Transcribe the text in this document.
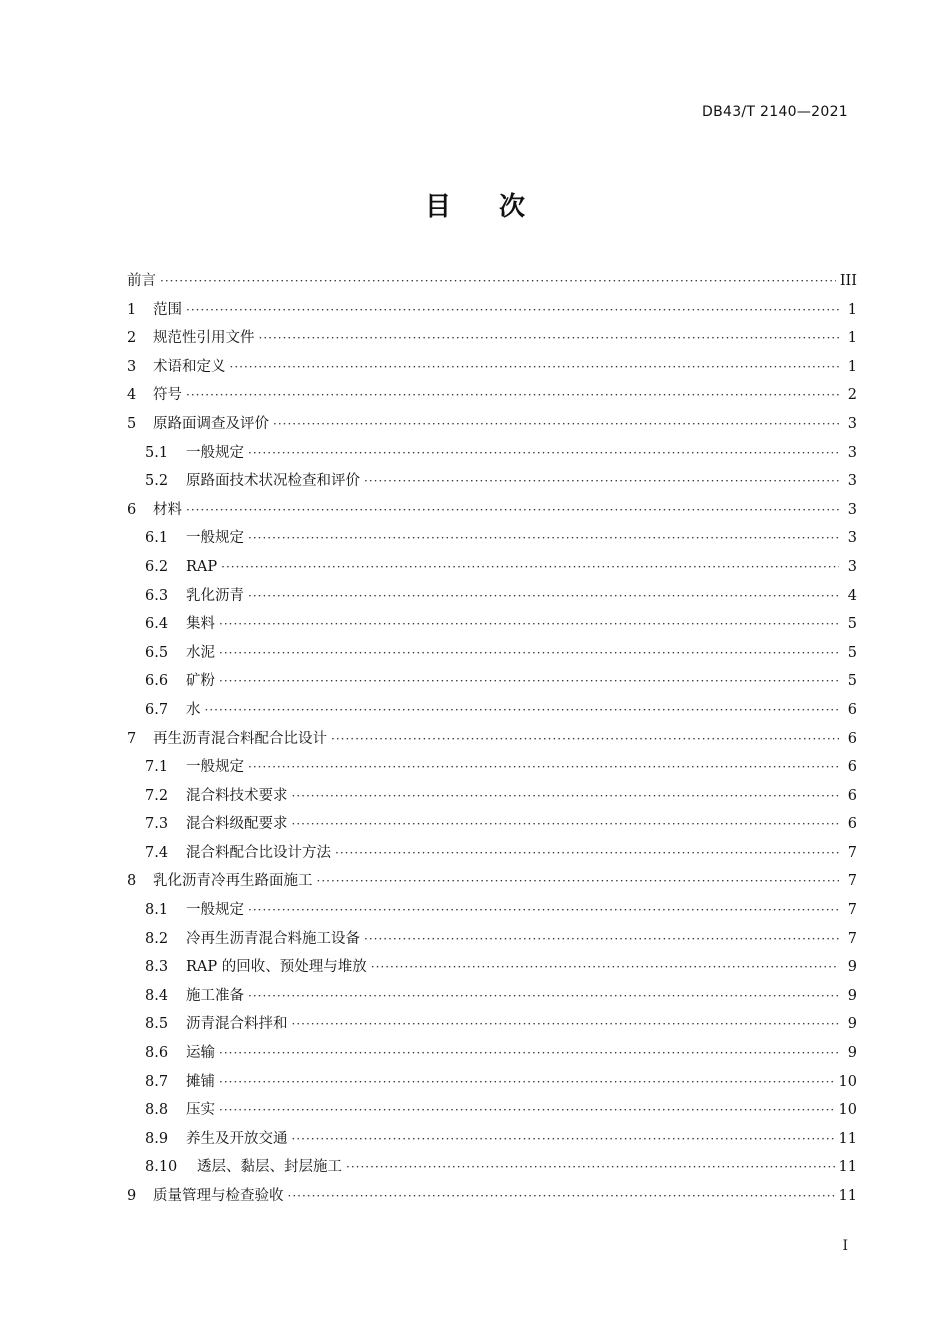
DB43/T 2140—2021
目次
前言 ·····	III
1	范围 ·····	1
2	规范性引用文件 ·····	1
3	术语和定义 ·····	1
4	符号 ·····	2
5	原路面调查及评价 ·····	3
5.1	一般规定 ·····	3
5.2	原路面技术状况检查和评价 ·····	3
6	材料 ·····	3
6.1	一般规定 ·····	3
6.2	RAP ·····	3
6.3	乳化沥青 ·····	4
6.4	集料 ·····	5
6.5	水泥 ·····	5
6.6	矿粉 ·····	5
6.7	水 ·····	6
7	再生沥青混合料配合比设计 ·····	6
7.1	一般规定 ·····	6
7.2	混合料技术要求 ·····	6
7.3	混合料级配要求 ·····	6
7.4	混合料配合比设计方法 ·····	7
8	乳化沥青冷再生路面施工 ·····	7
8.1	一般规定 ·····	7
8.2	冷再生沥青混合料施工设备 ·····	7
8.3	RAP 的回收、预处理与堆放 ·····	9
8.4	施工准备 ·····	9
8.5	沥青混合料拌和 ·····	9
8.6	运输 ·····	9
8.7	摊铺 ·····	10
8.8	压实 ·····	10
8.9	养生及开放交通 ·····	11
8.10	透层、黏层、封层施工 ·····	11
9	质量管理与检查验收 ·····	11
I
